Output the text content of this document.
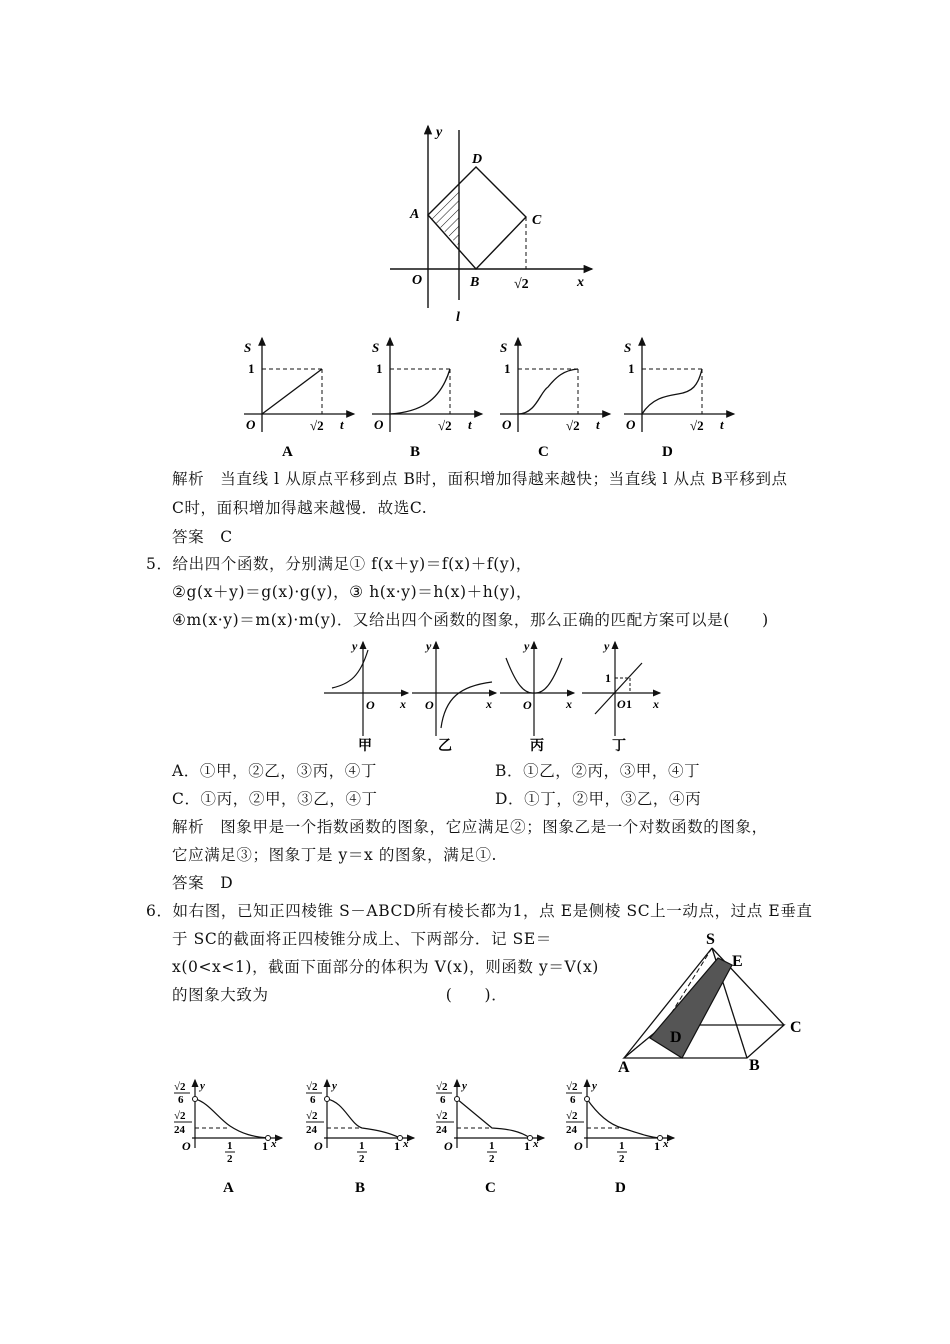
y
x
O
A
B
C
D
l
√2
S
1
O	√2 t
A
S
1
O	√2 t
B
S
1
O	√2 t
C
S
1
O	√2 t
D
解析　当直线 l 从原点平移到点 B时，面积增加得越来越快；当直线 l 从点 B平移到点
C时，面积增加得越来越慢．故选C.
答案　C
5．给出四个函数，分别满足① f(x＋y)＝f(x)＋f(y)，
②g(x＋y)＝g(x)·g(y)，③ h(x·y)＝h(x)＋h(y)，
④m(x·y)＝m(x)·m(y)．又给出四个函数的图象，那么正确的匹配方案可以是(　　)
y
x
O
甲
y
x
O
乙
y
x
O
丙
y
x
1
O 1
丁
A．①甲，②乙，③丙，④丁	B．①乙，②丙，③甲，④丁
C．①丙，②甲，③乙，④丁	D．①丁，②甲，③乙，④丙
解析　图象甲是一个指数函数的图象，它应满足②；图象乙是一个对数函数的图象，
它应满足③；图象丁是 y＝x 的图象，满足①.
答案　D
6．如右图，已知正四棱锥 S－ABCD所有棱长都为1，点 E是侧棱 SC上一动点，过点 E垂直
于 SC的截面将正四棱锥分成上、下两部分．记 SE＝
x(0<x<1)，截面下面部分的体积为 V(x)，则函数 y＝V(x)
的图象大致为　　　　　　　　　　　(　　)．
S
E
D
C
A	B
√2
6
√2
24
y
O	1
2
1 x
A
√2
6
√2
24
y
O	1
2
1 x
B
√2
6
√2
24
y
O	1
2
1 x
C
√2
6
√2
24
y
O	1
2
1 x
D
